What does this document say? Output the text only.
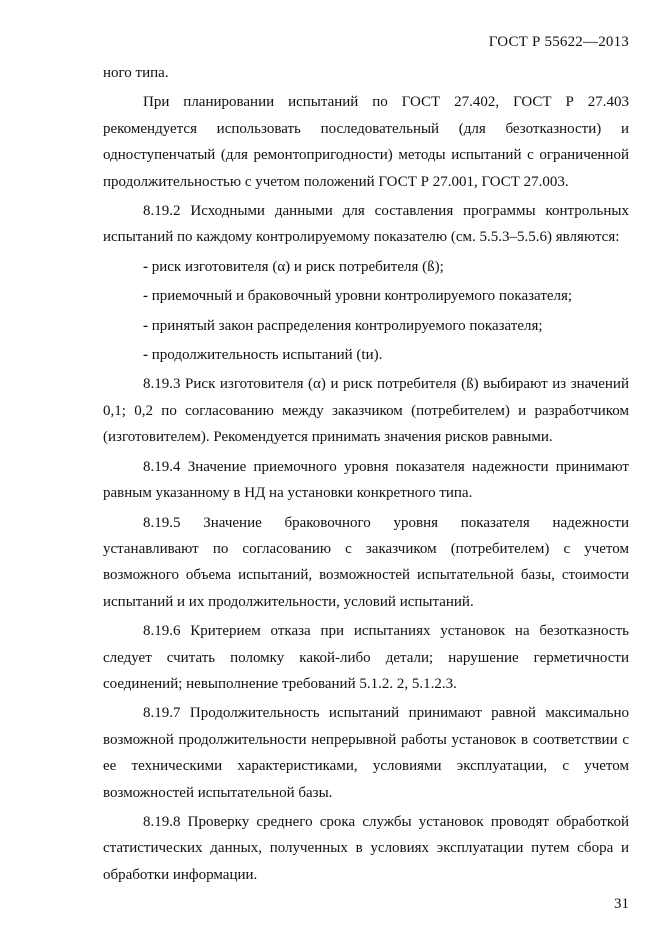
ГОСТ Р 55622—2013

ного типа.

При планировании испытаний по ГОСТ 27.402, ГОСТ Р 27.403 рекомендуется использовать последовательный (для безотказности) и одноступенчатый (для ремонтопригодности) методы испытаний с ограниченной продолжительностью с учетом положений ГОСТ Р 27.001, ГОСТ 27.003.

8.19.2 Исходными данными для составления программы контрольных испытаний по каждому контролируемому показателю (см. 5.5.3–5.5.6) являются:

- риск изготовителя (α) и риск потребителя (ß);
- приемочный и браковочный уровни контролируемого показателя;
- принятый закон распределения контролируемого показателя;
- продолжительность испытаний (tи).

8.19.3 Риск изготовителя (α) и риск потребителя (ß) выбирают из значений 0,1; 0,2 по согласованию между заказчиком (потребителем) и разработчиком (изготовителем). Рекомендуется принимать значения рисков равными.

8.19.4 Значение приемочного уровня показателя надежности принимают равным указанному в НД на установки конкретного типа.

8.19.5 Значение браковочного уровня показателя надежности устанавливают по согласованию с заказчиком (потребителем) с учетом возможного объема испытаний, возможностей испытательной базы, стоимости испытаний и их продолжительности, условий испытаний.

8.19.6 Критерием отказа при испытаниях установок на безотказность следует считать поломку какой-либо детали; нарушение герметичности соединений; невыполнение требований 5.1.2. 2, 5.1.2.3.

8.19.7 Продолжительность испытаний принимают равной максимально возможной продолжительности непрерывной работы установок в соответствии с ее техническими характеристиками, условиями эксплуатации, с учетом возможностей испытательной базы.

8.19.8 Проверку среднего срока службы установок проводят обработкой статистических данных, полученных в условиях эксплуатации путем сбора и обработки информации.

31
